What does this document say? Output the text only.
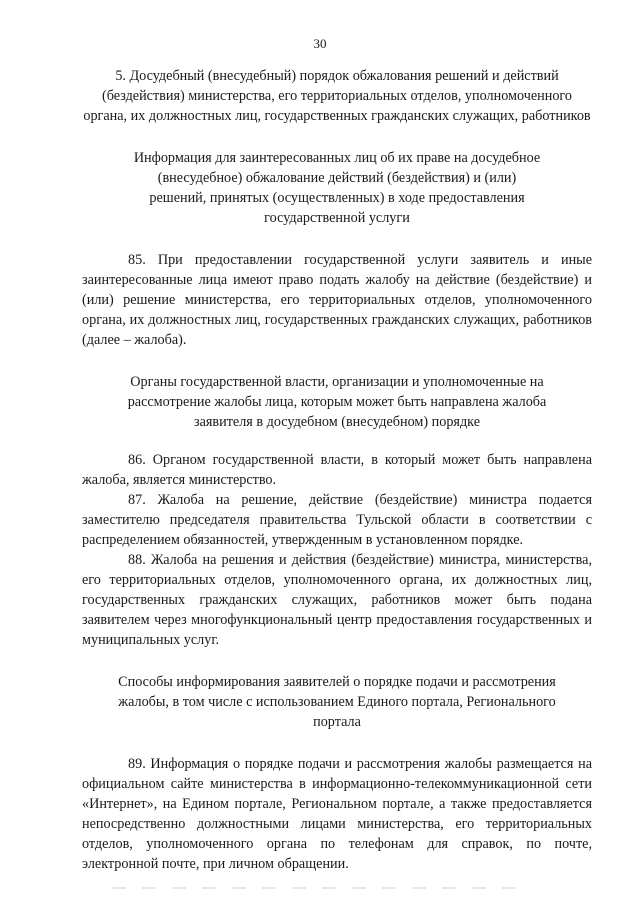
30

5. Досудебный (внесудебный) порядок обжалования решений и действий (бездействия) министерства, его территориальных отделов, уполномоченного органа, их должностных лиц, государственных гражданских служащих, работников

Информация для заинтересованных лиц об их праве на досудебное (внесудебное) обжалование действий (бездействия) и (или) решений, принятых (осуществленных) в ходе предоставления государственной услуги

85. При предоставлении государственной услуги заявитель и иные заинтересованные лица имеют право подать жалобу на действие (бездействие) и (или) решение министерства, его территориальных отделов, уполномоченного органа, их должностных лиц, государственных гражданских служащих, работников (далее – жалоба).

Органы государственной власти, организации и уполномоченные на рассмотрение жалобы лица, которым может быть направлена жалоба заявителя в досудебном (внесудебном) порядке

86. Органом государственной власти, в который может быть направлена жалоба, является министерство.

87. Жалоба на решение, действие (бездействие) министра подается заместителю председателя правительства Тульской области в соответствии с распределением обязанностей, утвержденным в установленном порядке.

88. Жалоба на решения и действия (бездействие) министра, министерства, его территориальных отделов, уполномоченного органа, их должностных лиц, государственных гражданских служащих, работников может быть подана заявителем через многофункциональный центр предоставления государственных и муниципальных услуг.

Способы информирования заявителей о порядке подачи и рассмотрения жалобы, в том числе с использованием Единого портала, Регионального портала

89. Информация о порядке подачи и рассмотрения жалобы размещается на официальном сайте министерства в информационно-телекоммуникационной сети «Интернет», на Едином портале, Региональном портале, а также предоставляется непосредственно должностными лицами министерства, его территориальных отделов, уполномоченного органа по телефонам для справок, по почте, электронной почте, при личном обращении.
